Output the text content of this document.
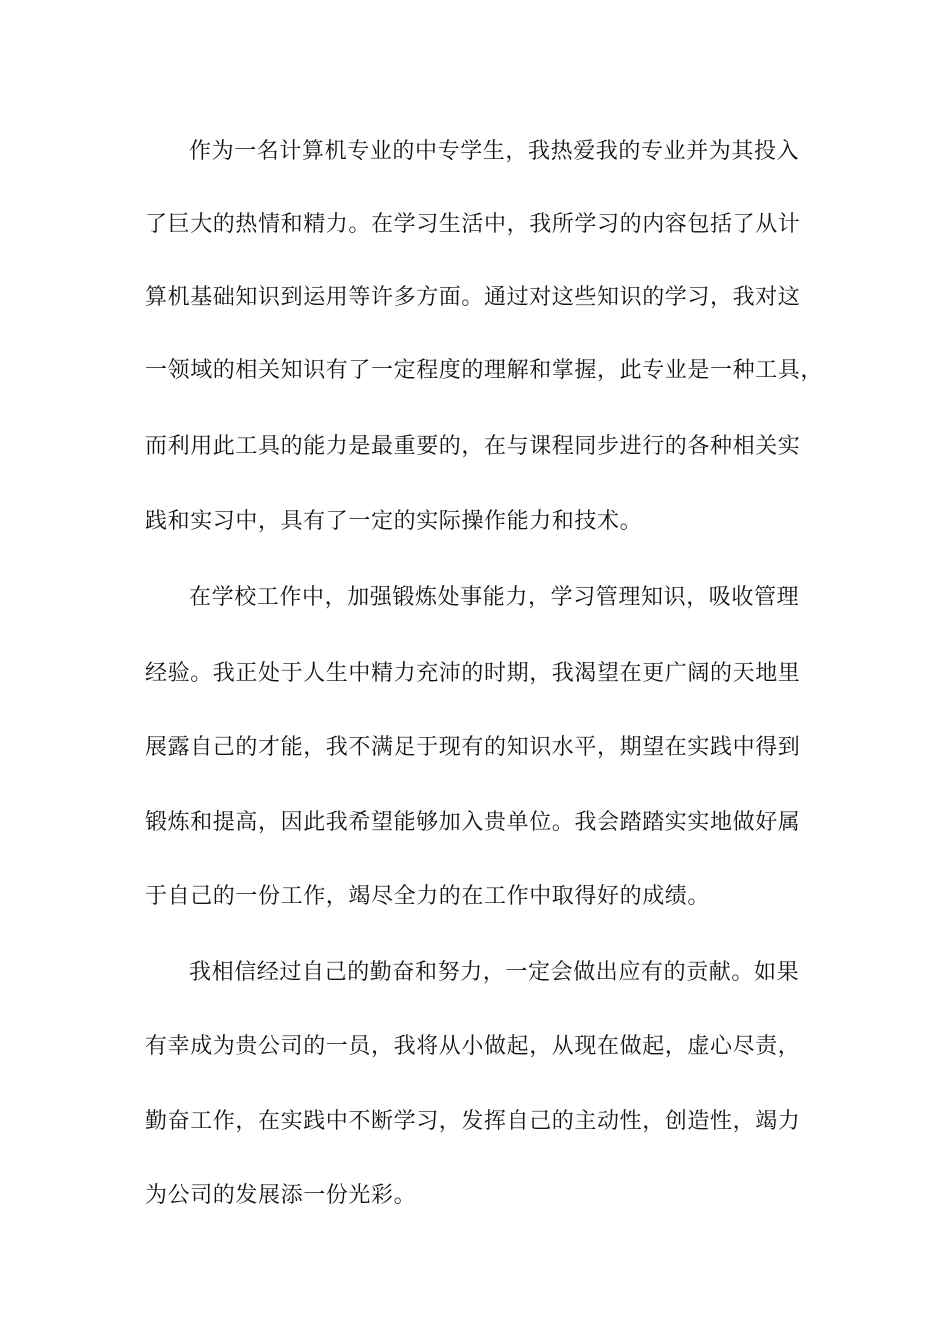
作为一名计算机专业的中专学生，我热爱我的专业并为其投入
了巨大的热情和精力。在学习生活中，我所学习的内容包括了从计
算机基础知识到运用等许多方面。通过对这些知识的学习，我对这
一领域的相关知识有了一定程度的理解和掌握，此专业是一种工具，
而利用此工具的能力是最重要的，在与课程同步进行的各种相关实
践和实习中，具有了一定的实际操作能力和技术。
在学校工作中，加强锻炼处事能力，学习管理知识，吸收管理
经验。我正处于人生中精力充沛的时期，我渴望在更广阔的天地里
展露自己的才能，我不满足于现有的知识水平，期望在实践中得到
锻炼和提高，因此我希望能够加入贵单位。我会踏踏实实地做好属
于自己的一份工作，竭尽全力的在工作中取得好的成绩。
我相信经过自己的勤奋和努力，一定会做出应有的贡献。如果
有幸成为贵公司的一员，我将从小做起，从现在做起，虚心尽责，
勤奋工作，在实践中不断学习，发挥自己的主动性，创造性，竭力
为公司的发展添一份光彩。
